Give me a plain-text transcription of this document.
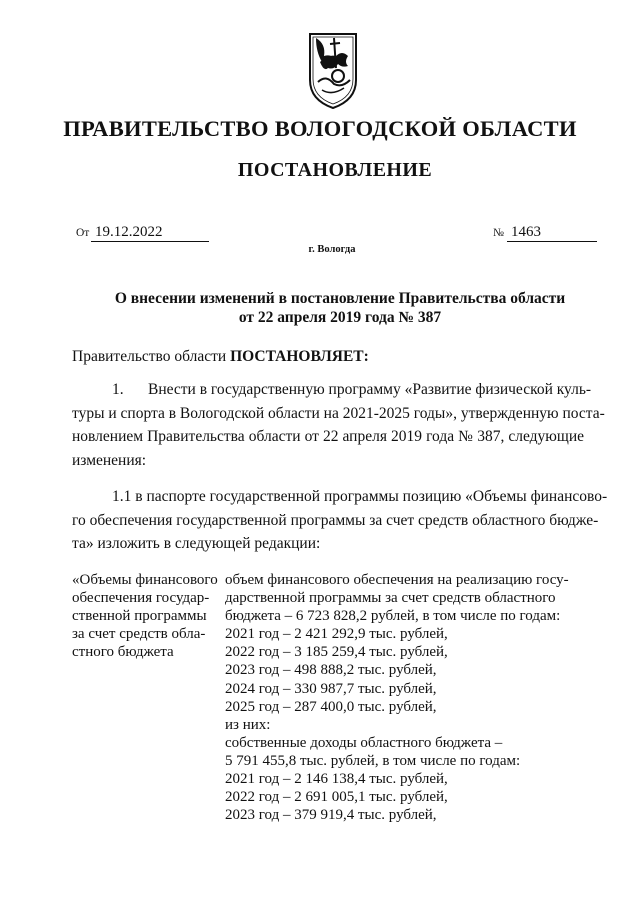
ПРАВИТЕЛЬСТВО ВОЛОГОДСКОЙ ОБЛАСТИ
ПОСТАНОВЛЕНИЕ
От 19.12.2022	№ 1463
г. Вологда
О внесении изменений в постановление Правительства области
от 22 апреля 2019 года № 387
Правительство области ПОСТАНОВЛЯЕТ:
1. Внести в государственную программу «Развитие физической куль-
туры и спорта в Вологодской области на 2021-2025 годы», утвержденную поста-
новлением Правительства области от 22 апреля 2019 года № 387, следующие
изменения:
1.1 в паспорте государственной программы позицию «Объемы финансово-
го обеспечения государственной программы за счет средств областного бюдже-
та» изложить в следующей редакции:
«Объемы финансового
обеспечения государ-
ственной программы
за счет средств обла-
стного бюджета
объем финансового обеспечения на реализацию госу-
дарственной программы за счет средств областного
бюджета – 6 723 828,2 рублей, в том числе по годам:
2021 год – 2 421 292,9 тыс. рублей,
2022 год – 3 185 259,4 тыс. рублей,
2023 год – 498 888,2 тыс. рублей,
2024 год – 330 987,7 тыс. рублей,
2025 год – 287 400,0 тыс. рублей,
из них:
собственные доходы областного бюджета –
5 791 455,8 тыс. рублей, в том числе по годам:
2021 год – 2 146 138,4 тыс. рублей,
2022 год – 2 691 005,1 тыс. рублей,
2023 год – 379 919,4 тыс. рублей,
